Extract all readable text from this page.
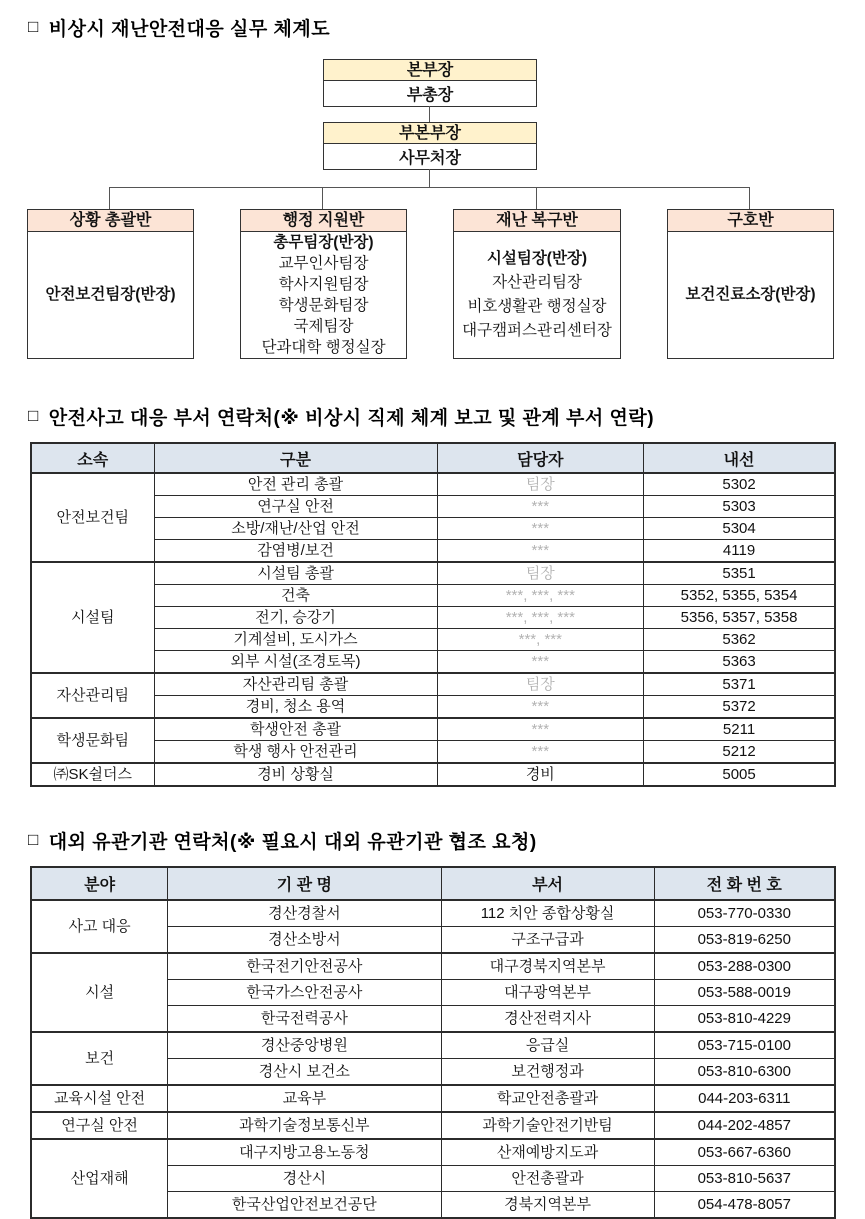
□ 비상시 재난안전대응 실무 체계도
본부장
부총장
부본부장
사무처장
상황 총괄반
안전보건팀장(반장)
행정 지원반
총무팀장(반장)
교무인사팀장
학사지원팀장
학생문화팀장
국제팀장
단과대학 행정실장
재난 복구반
시설팀장(반장)
자산관리팀장
비호생활관 행정실장
대구캠퍼스관리센터장
구호반
보건진료소장(반장)
□ 안전사고 대응 부서 연락처(※ 비상시 직제 체계 보고 및 관계 부서 연락)
소속	구분	담당자	내선
안전보건팀	안전 관리 총괄	팀장	5302
	연구실 안전	***	5303
	소방/재난/산업 안전	***	5304
	감염병/보건	***	4119
시설팀	시설팀 총괄	팀장	5351
	건축	***, ***, ***	5352, 5355, 5354
	전기, 승강기	***, ***, ***	5356, 5357, 5358
	기계설비, 도시가스	***, ***	5362
	외부 시설(조경토목)	***	5363
자산관리팀	자산관리팀 총괄	팀장	5371
	경비, 청소 용역	***	5372
학생문화팀	학생안전 총괄	***	5211
	학생 행사 안전관리	***	5212
㈜SK쉴더스	경비 상황실	경비	5005
□ 대외 유관기관 연락처(※ 필요시 대외 유관기관 협조 요청)
분야	기 관 명	부서	전 화 번 호
사고 대응	경산경찰서	112 치안 종합상황실	053-770-0330
	경산소방서	구조구급과	053-819-6250
시설	한국전기안전공사	대구경북지역본부	053-288-0300
	한국가스안전공사	대구광역본부	053-588-0019
	한국전력공사	경산전력지사	053-810-4229
보건	경산중앙병원	응급실	053-715-0100
	경산시 보건소	보건행정과	053-810-6300
교육시설 안전	교육부	학교안전총괄과	044-203-6311
연구실 안전	과학기술정보통신부	과학기술안전기반팀	044-202-4857
산업재해	대구지방고용노동청	산재예방지도과	053-667-6360
	경산시	안전총괄과	053-810-5637
	한국산업안전보건공단	경북지역본부	054-478-8057
